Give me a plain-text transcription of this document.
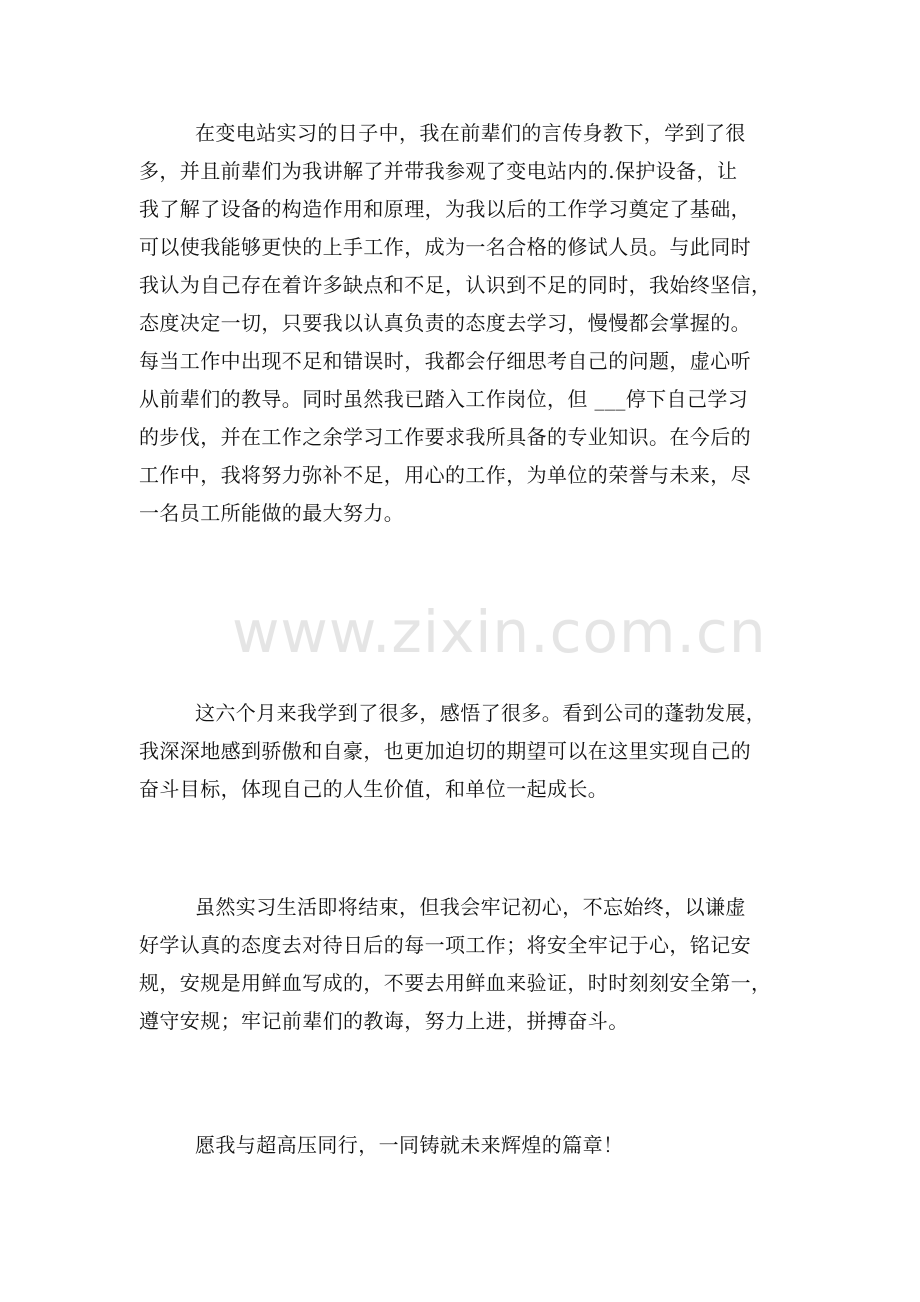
在变电站实习的日子中，我在前辈们的言传身教下，学到了很
多，并且前辈们为我讲解了并带我参观了变电站内的.保护设备，让
我了解了设备的构造作用和原理，为我以后的工作学习奠定了基础，
可以使我能够更快的上手工作，成为一名合格的修试人员。与此同时
我认为自己存在着许多缺点和不足，认识到不足的同时，我始终坚信，
态度决定一切，只要我以认真负责的态度去学习，慢慢都会掌握的。
每当工作中出现不足和错误时，我都会仔细思考自己的问题，虚心听
从前辈们的教导。同时虽然我已踏入工作岗位，但 ___停下自己学习
的步伐，并在工作之余学习工作要求我所具备的专业知识。在今后的
工作中，我将努力弥补不足，用心的工作，为单位的荣誉与未来，尽
一名员工所能做的最大努力。
这六个月来我学到了很多，感悟了很多。看到公司的蓬勃发展，
我深深地感到骄傲和自豪，也更加迫切的期望可以在这里实现自己的
奋斗目标，体现自己的人生价值，和单位一起成长。
虽然实习生活即将结束，但我会牢记初心，不忘始终，以谦虚
好学认真的态度去对待日后的每一项工作；将安全牢记于心，铭记安
规，安规是用鲜血写成的，不要去用鲜血来验证，时时刻刻安全第一，
遵守安规；牢记前辈们的教诲，努力上进，拼搏奋斗。
愿我与超高压同行，一同铸就未来辉煌的篇章！
www.zixin.com.cn
